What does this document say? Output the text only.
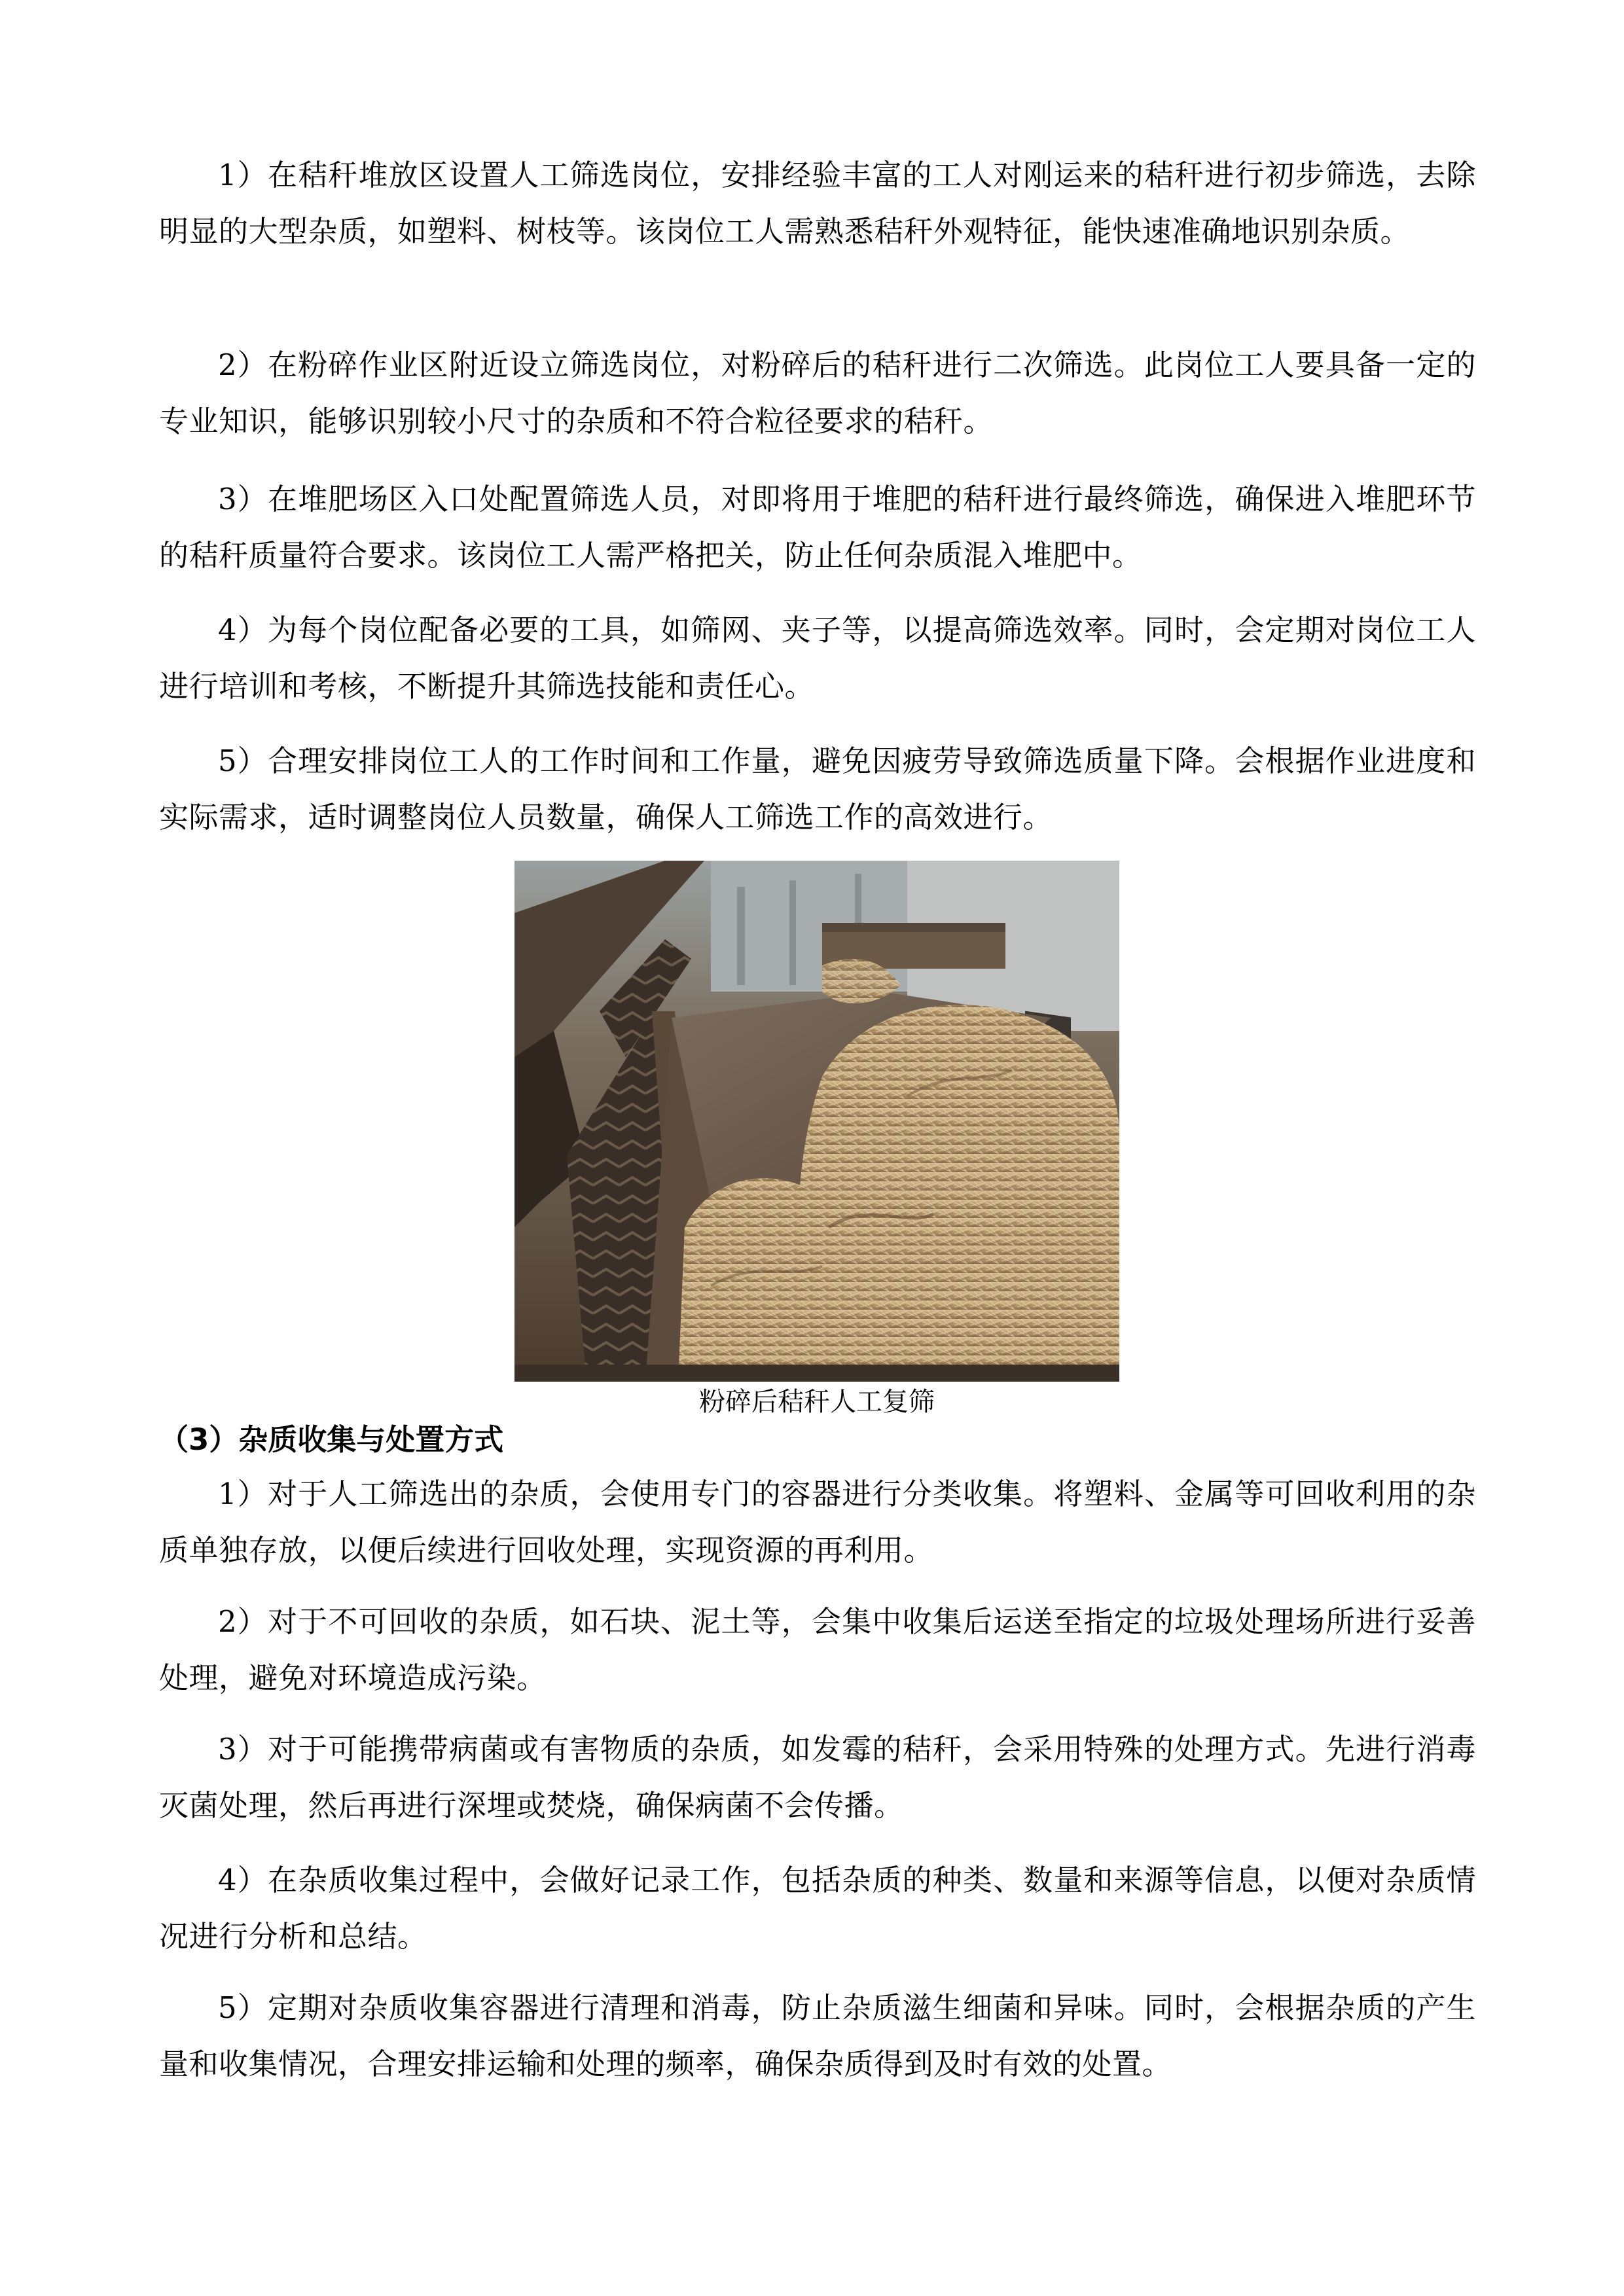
1）在秸秆堆放区设置人工筛选岗位，安排经验丰富的工人对刚运来的秸秆进行初步筛选，去除明显的大型杂质，如塑料、树枝等。该岗位工人需熟悉秸秆外观特征，能快速准确地识别杂质。

2）在粉碎作业区附近设立筛选岗位，对粉碎后的秸秆进行二次筛选。此岗位工人要具备一定的专业知识，能够识别较小尺寸的杂质和不符合粒径要求的秸秆。

3）在堆肥场区入口处配置筛选人员，对即将用于堆肥的秸秆进行最终筛选，确保进入堆肥环节的秸秆质量符合要求。该岗位工人需严格把关，防止任何杂质混入堆肥中。

4）为每个岗位配备必要的工具，如筛网、夹子等，以提高筛选效率。同时，会定期对岗位工人进行培训和考核，不断提升其筛选技能和责任心。

5）合理安排岗位工人的工作时间和工作量，避免因疲劳导致筛选质量下降。会根据作业进度和实际需求，适时调整岗位人员数量，确保人工筛选工作的高效进行。

粉碎后秸秆人工复筛

（3）杂质收集与处置方式

1）对于人工筛选出的杂质，会使用专门的容器进行分类收集。将塑料、金属等可回收利用的杂质单独存放，以便后续进行回收处理，实现资源的再利用。

2）对于不可回收的杂质，如石块、泥土等，会集中收集后运送至指定的垃圾处理场所进行妥善处理，避免对环境造成污染。

3）对于可能携带病菌或有害物质的杂质，如发霉的秸秆，会采用特殊的处理方式。先进行消毒灭菌处理，然后再进行深埋或焚烧，确保病菌不会传播。

4）在杂质收集过程中，会做好记录工作，包括杂质的种类、数量和来源等信息，以便对杂质情况进行分析和总结。

5）定期对杂质收集容器进行清理和消毒，防止杂质滋生细菌和异味。同时，会根据杂质的产生量和收集情况，合理安排运输和处理的频率，确保杂质得到及时有效的处置。
